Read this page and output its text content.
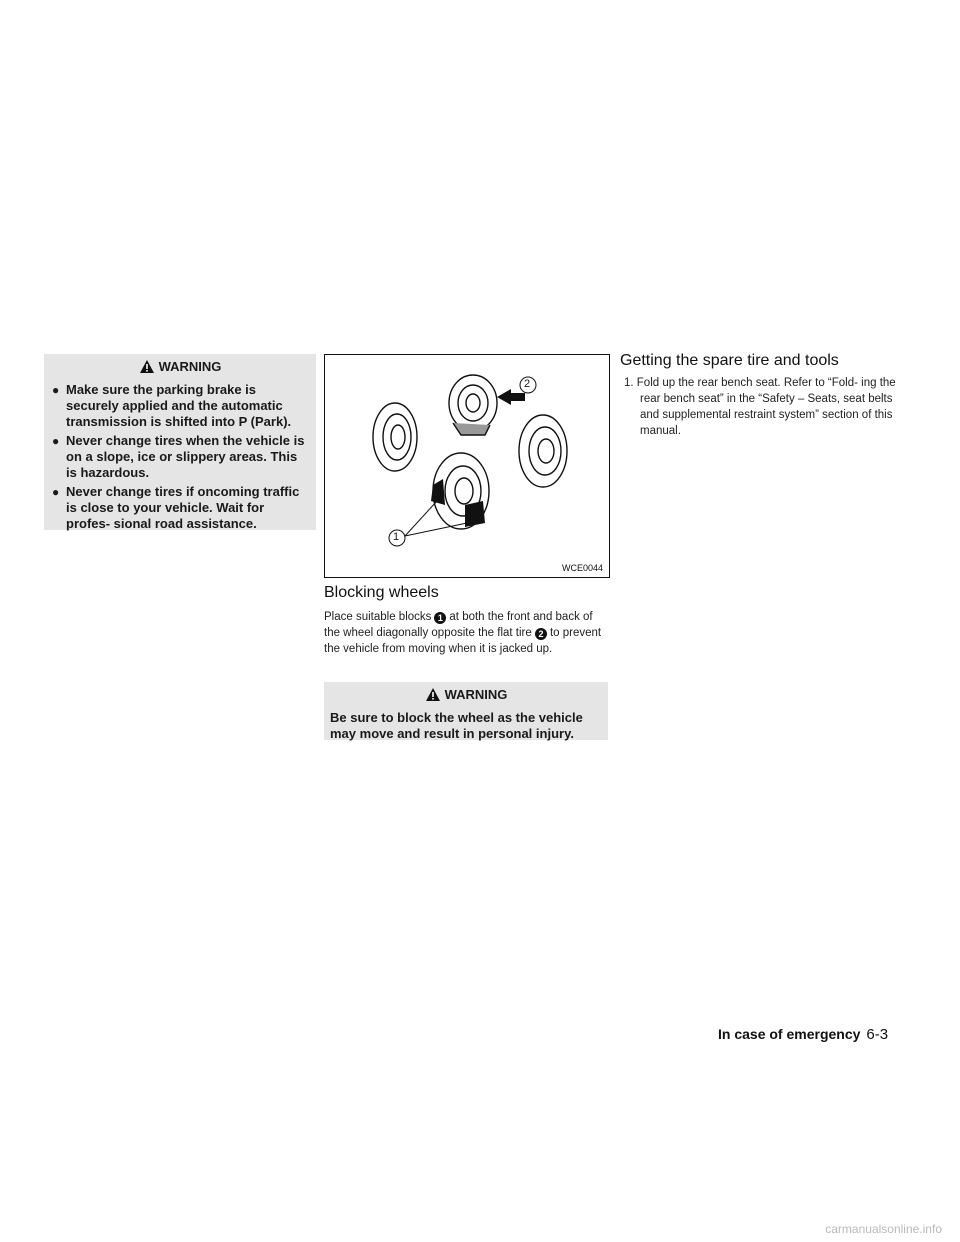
WARNING
● Make sure the parking brake is securely applied and the automatic transmission is shifted into P (Park).
● Never change tires when the vehicle is on a slope, ice or slippery areas. This is hazardous.
● Never change tires if oncoming traffic is close to your vehicle. Wait for profes- sional road assistance.
2
1
WCE0044
Blocking wheels
Place suitable blocks 1 at both the front and back of the wheel diagonally opposite the flat tire 2 to prevent the vehicle from moving when it is jacked up.
WARNING
Be sure to block the wheel as the vehicle may move and result in personal injury.
Getting the spare tire and tools
1. Fold up the rear bench seat. Refer to “Fold- ing the rear bench seat” in the “Safety – Seats, seat belts and supplemental restraint system” section of this manual.
In case of emergency 6-3
carmanualsonline.info
